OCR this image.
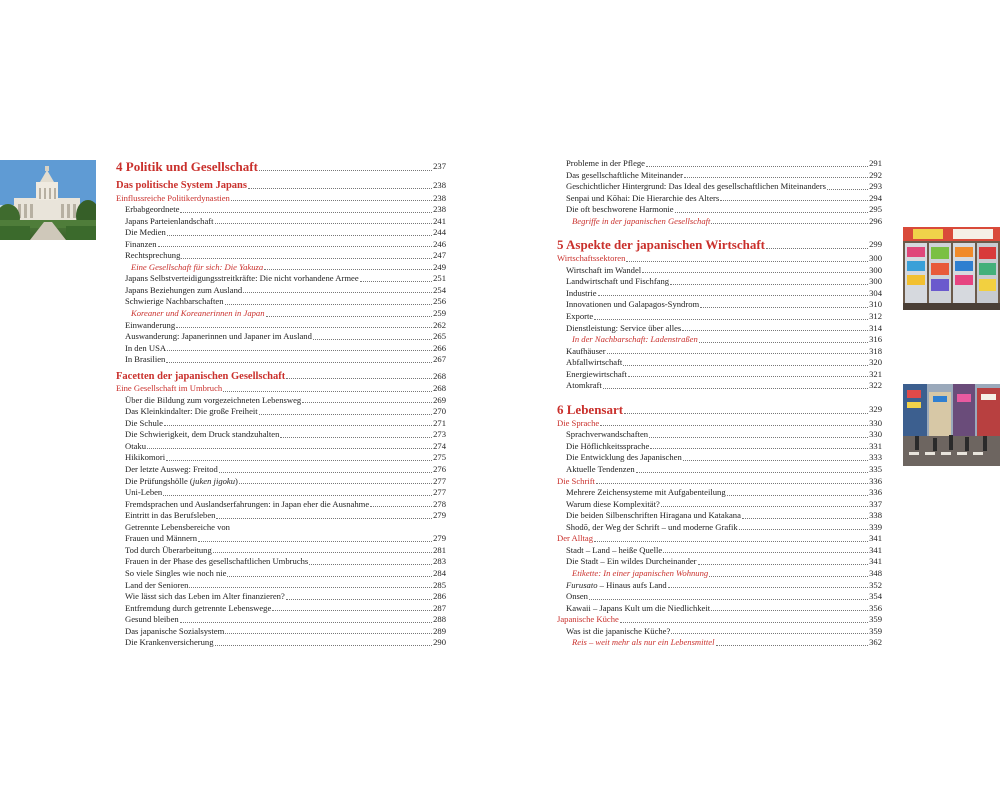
4 Politik und Gesellschaft	237
Das politische System Japans	238
Einflussreiche Politikerdynastien	238
Erbabgeordnete	238
Japans Parteienlandschaft	241
Die Medien	244
Finanzen	246
Rechtsprechung	247
Eine Gesellschaft für sich: Die Yakuza	249
Japans Selbstverteidigungsstreitkräfte: Die nicht vorhandene Armee	251
Japans Beziehungen zum Ausland	254
Schwierige Nachbarschaften	256
Koreaner und Koreanerinnen in Japan	259
Einwanderung	262
Auswanderung: Japanerinnen und Japaner im Ausland	265
In den USA	266
In Brasilien	267
Facetten der japanischen Gesellschaft	268
Eine Gesellschaft im Umbruch	268
Über die Bildung zum vorgezeichneten Lebensweg	269
Das Kleinkindalter: Die große Freiheit	270
Die Schule	271
Die Schwierigkeit, dem Druck standzuhalten	273
Otaku	274
Hikikomori	275
Der letzte Ausweg: Freitod	276
Die Prüfungshölle (juken jigoku)	277
Uni-Leben	277
Fremdsprachen und Auslandserfahrungen: in Japan eher die Ausnahme	278
Eintritt in das Berufsleben	279
Getrennte Lebensbereiche von
Frauen und Männern	279
Tod durch Überarbeitung	281
Frauen in der Phase des gesellschaftlichen Umbruchs	283
So viele Singles wie noch nie	284
Land der Senioren	285
Wie lässt sich das Leben im Alter finanzieren?	286
Entfremdung durch getrennte Lebenswege	287
Gesund bleiben	288
Das japanische Sozialsystem	289
Die Krankenversicherung	290
Probleme in der Pflege	291
Das gesellschaftliche Miteinander	292
Geschichtlicher Hintergrund: Das Ideal des gesellschaftlichen Miteinanders	293
Senpai und Kōhai: Die Hierarchie des Alters	294
Die oft beschworene Harmonie	295
Begriffe in der japanischen Gesellschaft	296
5 Aspekte der japanischen Wirtschaft	299
Wirtschaftssektoren	300
Wirtschaft im Wandel	300
Landwirtschaft und Fischfang	300
Industrie	304
Innovationen und Galapagos-Syndrom	310
Exporte	312
Dienstleistung: Service über alles	314
In der Nachbarschaft: Ladenstraßen	316
Kaufhäuser	318
Abfallwirtschaft	320
Energiewirtschaft	321
Atomkraft	322
6 Lebensart	329
Die Sprache	330
Sprachverwandschaften	330
Die Höflichkeitssprache	331
Die Entwicklung des Japanischen	333
Aktuelle Tendenzen	335
Die Schrift	336
Mehrere Zeichensysteme mit Aufgabenteilung	336
Warum diese Komplexität?	337
Die beiden Silbenschriften Hiragana und Katakana	338
Shodō, der Weg der Schrift – und moderne Grafik	339
Der Alltag	341
Stadt – Land – heiße Quelle	341
Die Stadt – Ein wildes Durcheinander	341
Etikette: In einer japanischen Wohnung	348
Furusato – Hinaus aufs Land	352
Onsen	354
Kawaii – Japans Kult um die Niedlichkeit	356
Japanische Küche	359
Was ist die japanische Küche?	359
Reis – weit mehr als nur ein Lebensmittel	362
